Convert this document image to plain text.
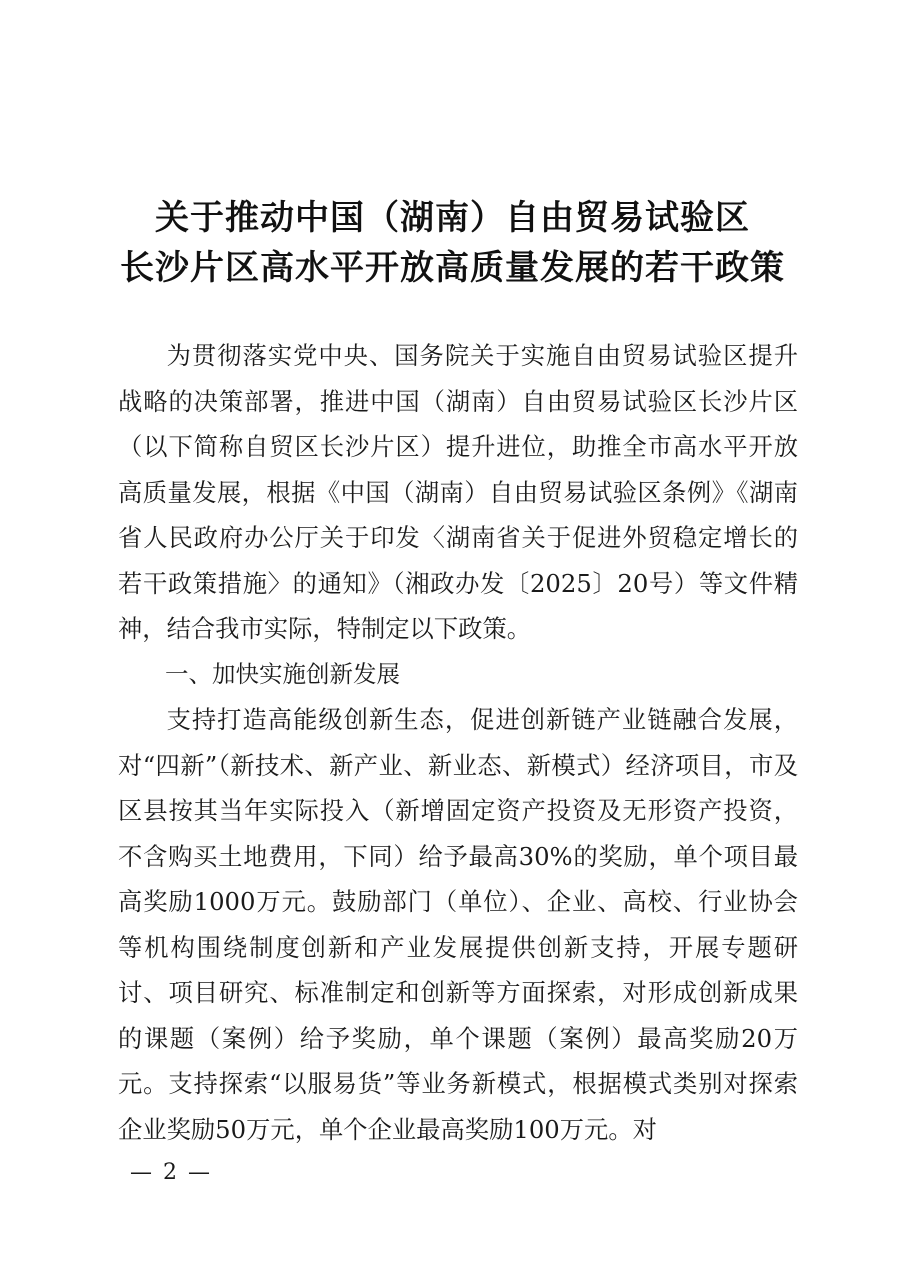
关于推动中国（湖南）自由贸易试验区
长沙片区高水平开放高质量发展的若干政策

为贯彻落实党中央、国务院关于实施自由贸易试验区提升战略的决策部署，推进中国（湖南）自由贸易试验区长沙片区（以下简称自贸区长沙片区）提升进位，助推全市高水平开放高质量发展，根据《中国（湖南）自由贸易试验区条例》《湖南省人民政府办公厅关于印发〈湖南省关于促进外贸稳定增长的若干政策措施〉的通知》（湘政办发〔2025〕20号）等文件精神，结合我市实际，特制定以下政策。

一、加快实施创新发展

支持打造高能级创新生态，促进创新链产业链融合发展，对“四新”（新技术、新产业、新业态、新模式）经济项目，市及区县按其当年实际投入（新增固定资产投资及无形资产投资，不含购买土地费用，下同）给予最高30%的奖励，单个项目最高奖励1000万元。鼓励部门（单位）、企业、高校、行业协会等机构围绕制度创新和产业发展提供创新支持，开展专题研讨、项目研究、标准制定和创新等方面探索，对形成创新成果的课题（案例）给予奖励，单个课题（案例）最高奖励20万元。支持探索“以服易货”等业务新模式，根据模式类别对探索企业奖励50万元，单个企业最高奖励100万元。对

— 2 —
